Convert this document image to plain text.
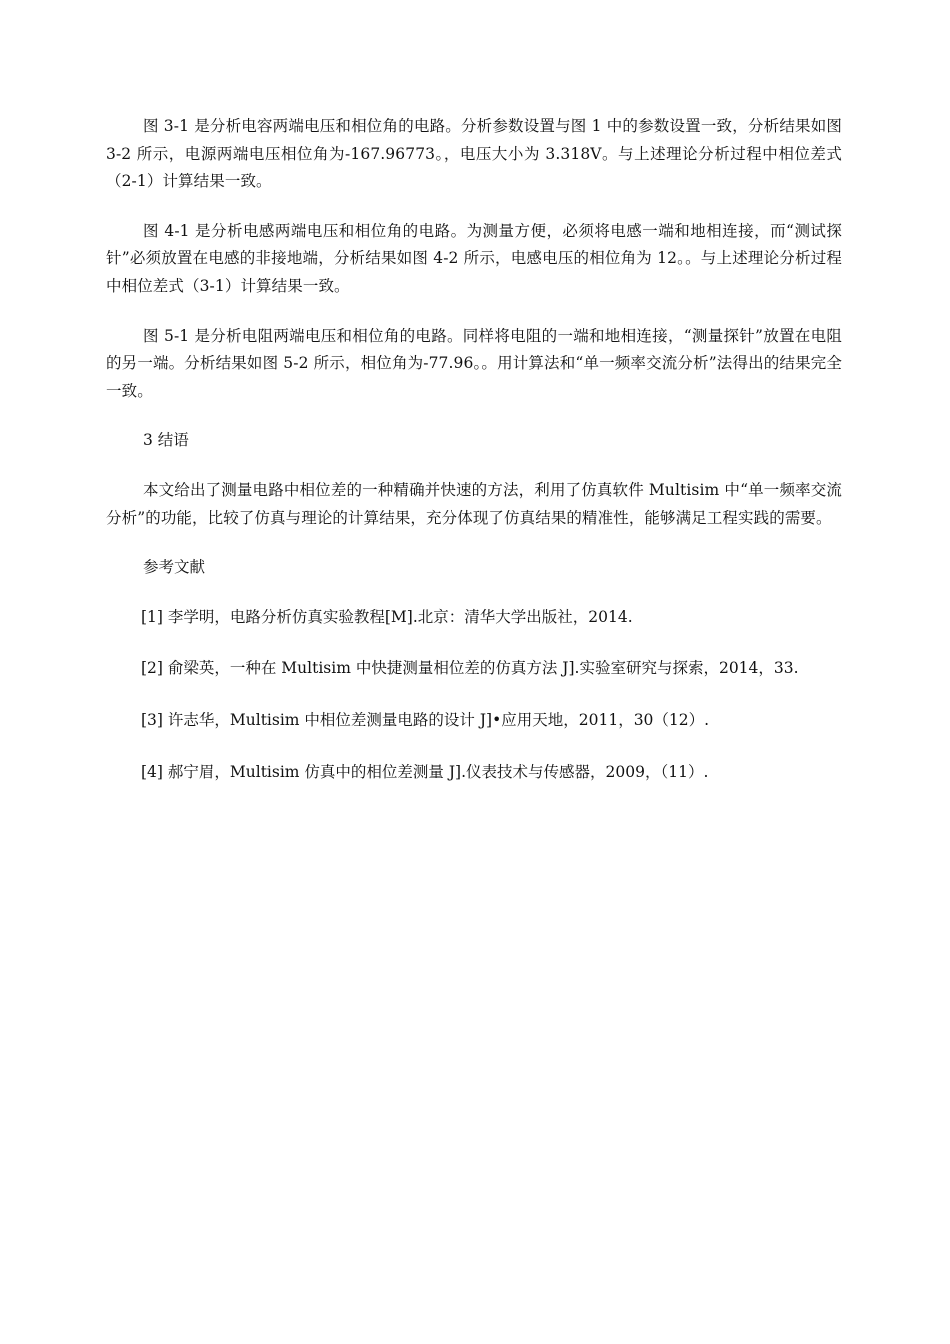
图 3-1 是分析电容两端电压和相位角的电路。分析参数设置与图 1 中的参数设置一致，分析结果如图 3-2 所示，电源两端电压相位角为-167.96773。，电压大小为 3.318V。与上述理论分析过程中相位差式（2-1）计算结果一致。

图 4-1 是分析电感两端电压和相位角的电路。为测量方便，必须将电感一端和地相连接，而“测试探针”必须放置在电感的非接地端，分析结果如图 4-2 所示，电感电压的相位角为 12。。与上述理论分析过程中相位差式（3-1）计算结果一致。

图 5-1 是分析电阻两端电压和相位角的电路。同样将电阻的一端和地相连接，“测量探针”放置在电阻的另一端。分析结果如图 5-2 所示，相位角为-77.96。。用计算法和“单一频率交流分析”法得出的结果完全一致。

3 结语

本文给出了测量电路中相位差的一种精确并快速的方法，利用了仿真软件 Multisim 中“单一频率交流分析”的功能，比较了仿真与理论的计算结果，充分体现了仿真结果的精准性，能够满足工程实践的需要。

参考文献

[1] 李学明，电路分析仿真实验教程[M].北京：清华大学出版社，2014.

[2] 俞梁英，一种在 Multisim 中快捷测量相位差的仿真方法 J].实验室研究与探索，2014，33.

[3] 许志华，Multisim 中相位差测量电路的设计 J]•应用天地，2011，30（12）.

[4] 郝宁眉，Multisim 仿真中的相位差测量 J].仪表技术与传感器，2009，（11）.
